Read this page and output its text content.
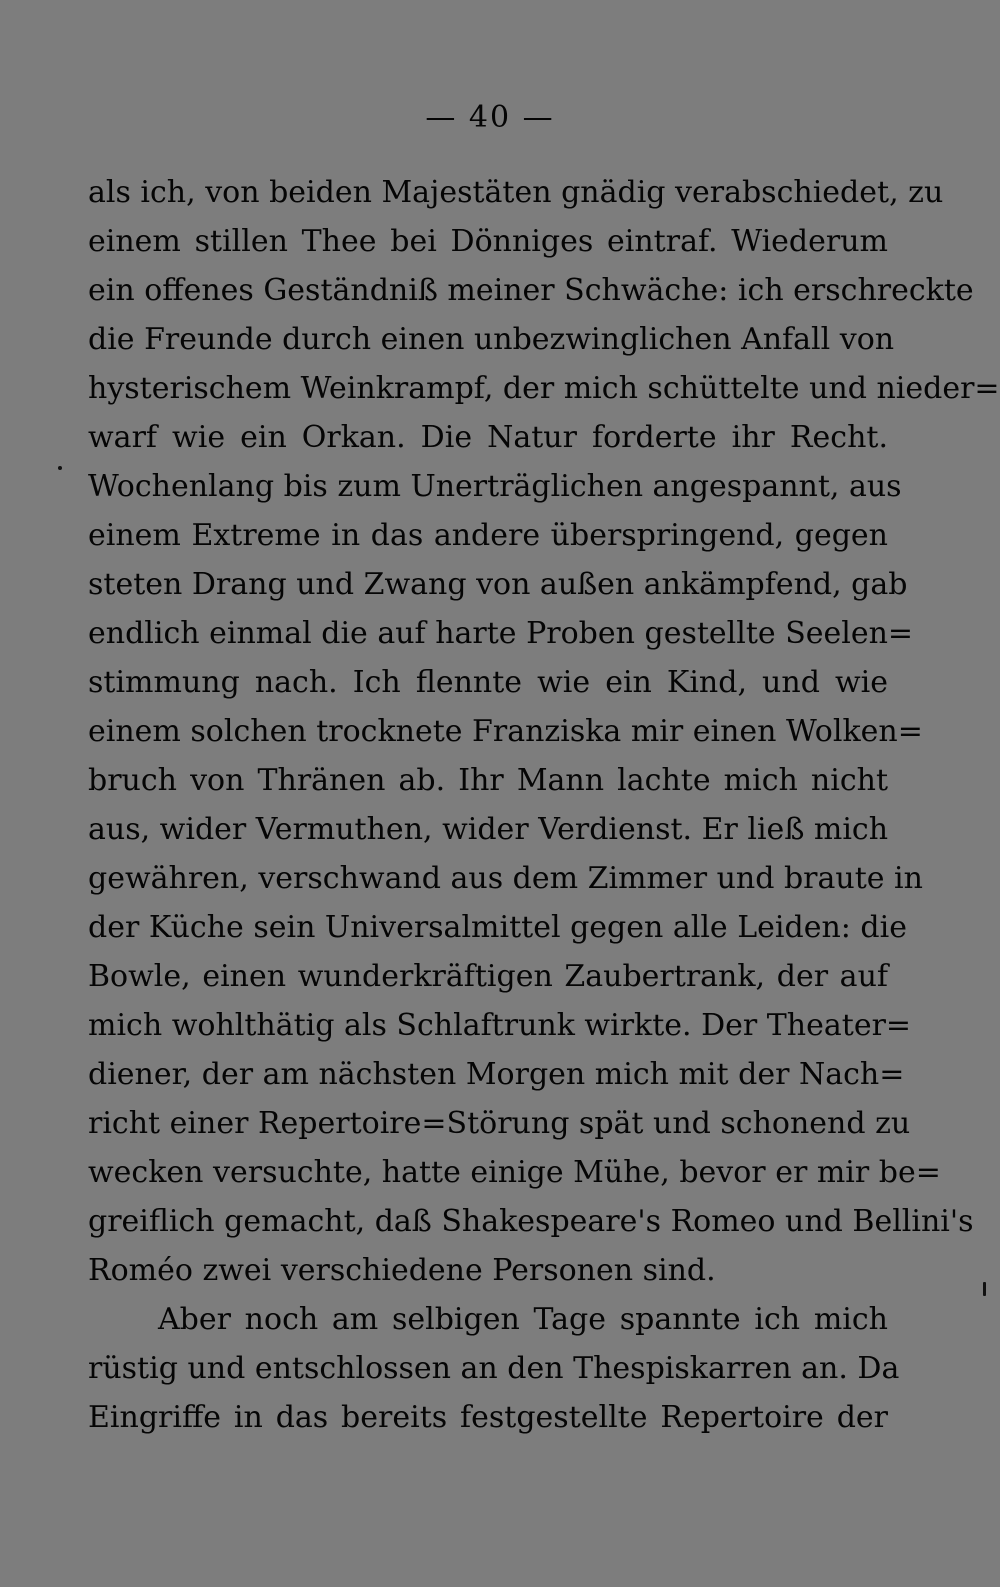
— 40 —
als ich, von beiden Majestäten gnädig verabschiedet, zu
einem stillen Thee bei Dönniges eintraf. Wiederum
ein offenes Geständniß meiner Schwäche: ich erschreckte
die Freunde durch einen unbezwinglichen Anfall von
hysterischem Weinkrampf, der mich schüttelte und nieder=
warf wie ein Orkan. Die Natur forderte ihr Recht.
Wochenlang bis zum Unerträglichen angespannt, aus
einem Extreme in das andere überspringend, gegen
steten Drang und Zwang von außen ankämpfend, gab
endlich einmal die auf harte Proben gestellte Seelen=
stimmung nach. Ich flennte wie ein Kind, und wie
einem solchen trocknete Franziska mir einen Wolken=
bruch von Thränen ab. Ihr Mann lachte mich nicht
aus, wider Vermuthen, wider Verdienst. Er ließ mich
gewähren, verschwand aus dem Zimmer und braute in
der Küche sein Universalmittel gegen alle Leiden: die
Bowle, einen wunderkräftigen Zaubertrank, der auf
mich wohlthätig als Schlaftrunk wirkte. Der Theater=
diener, der am nächsten Morgen mich mit der Nach=
richt einer Repertoire=Störung spät und schonend zu
wecken versuchte, hatte einige Mühe, bevor er mir be=
greiflich gemacht, daß Shakespeare's Romeo und Bellini's
Roméo zwei verschiedene Personen sind.
Aber noch am selbigen Tage spannte ich mich
rüstig und entschlossen an den Thespiskarren an. Da
Eingriffe in das bereits festgestellte Repertoire der
